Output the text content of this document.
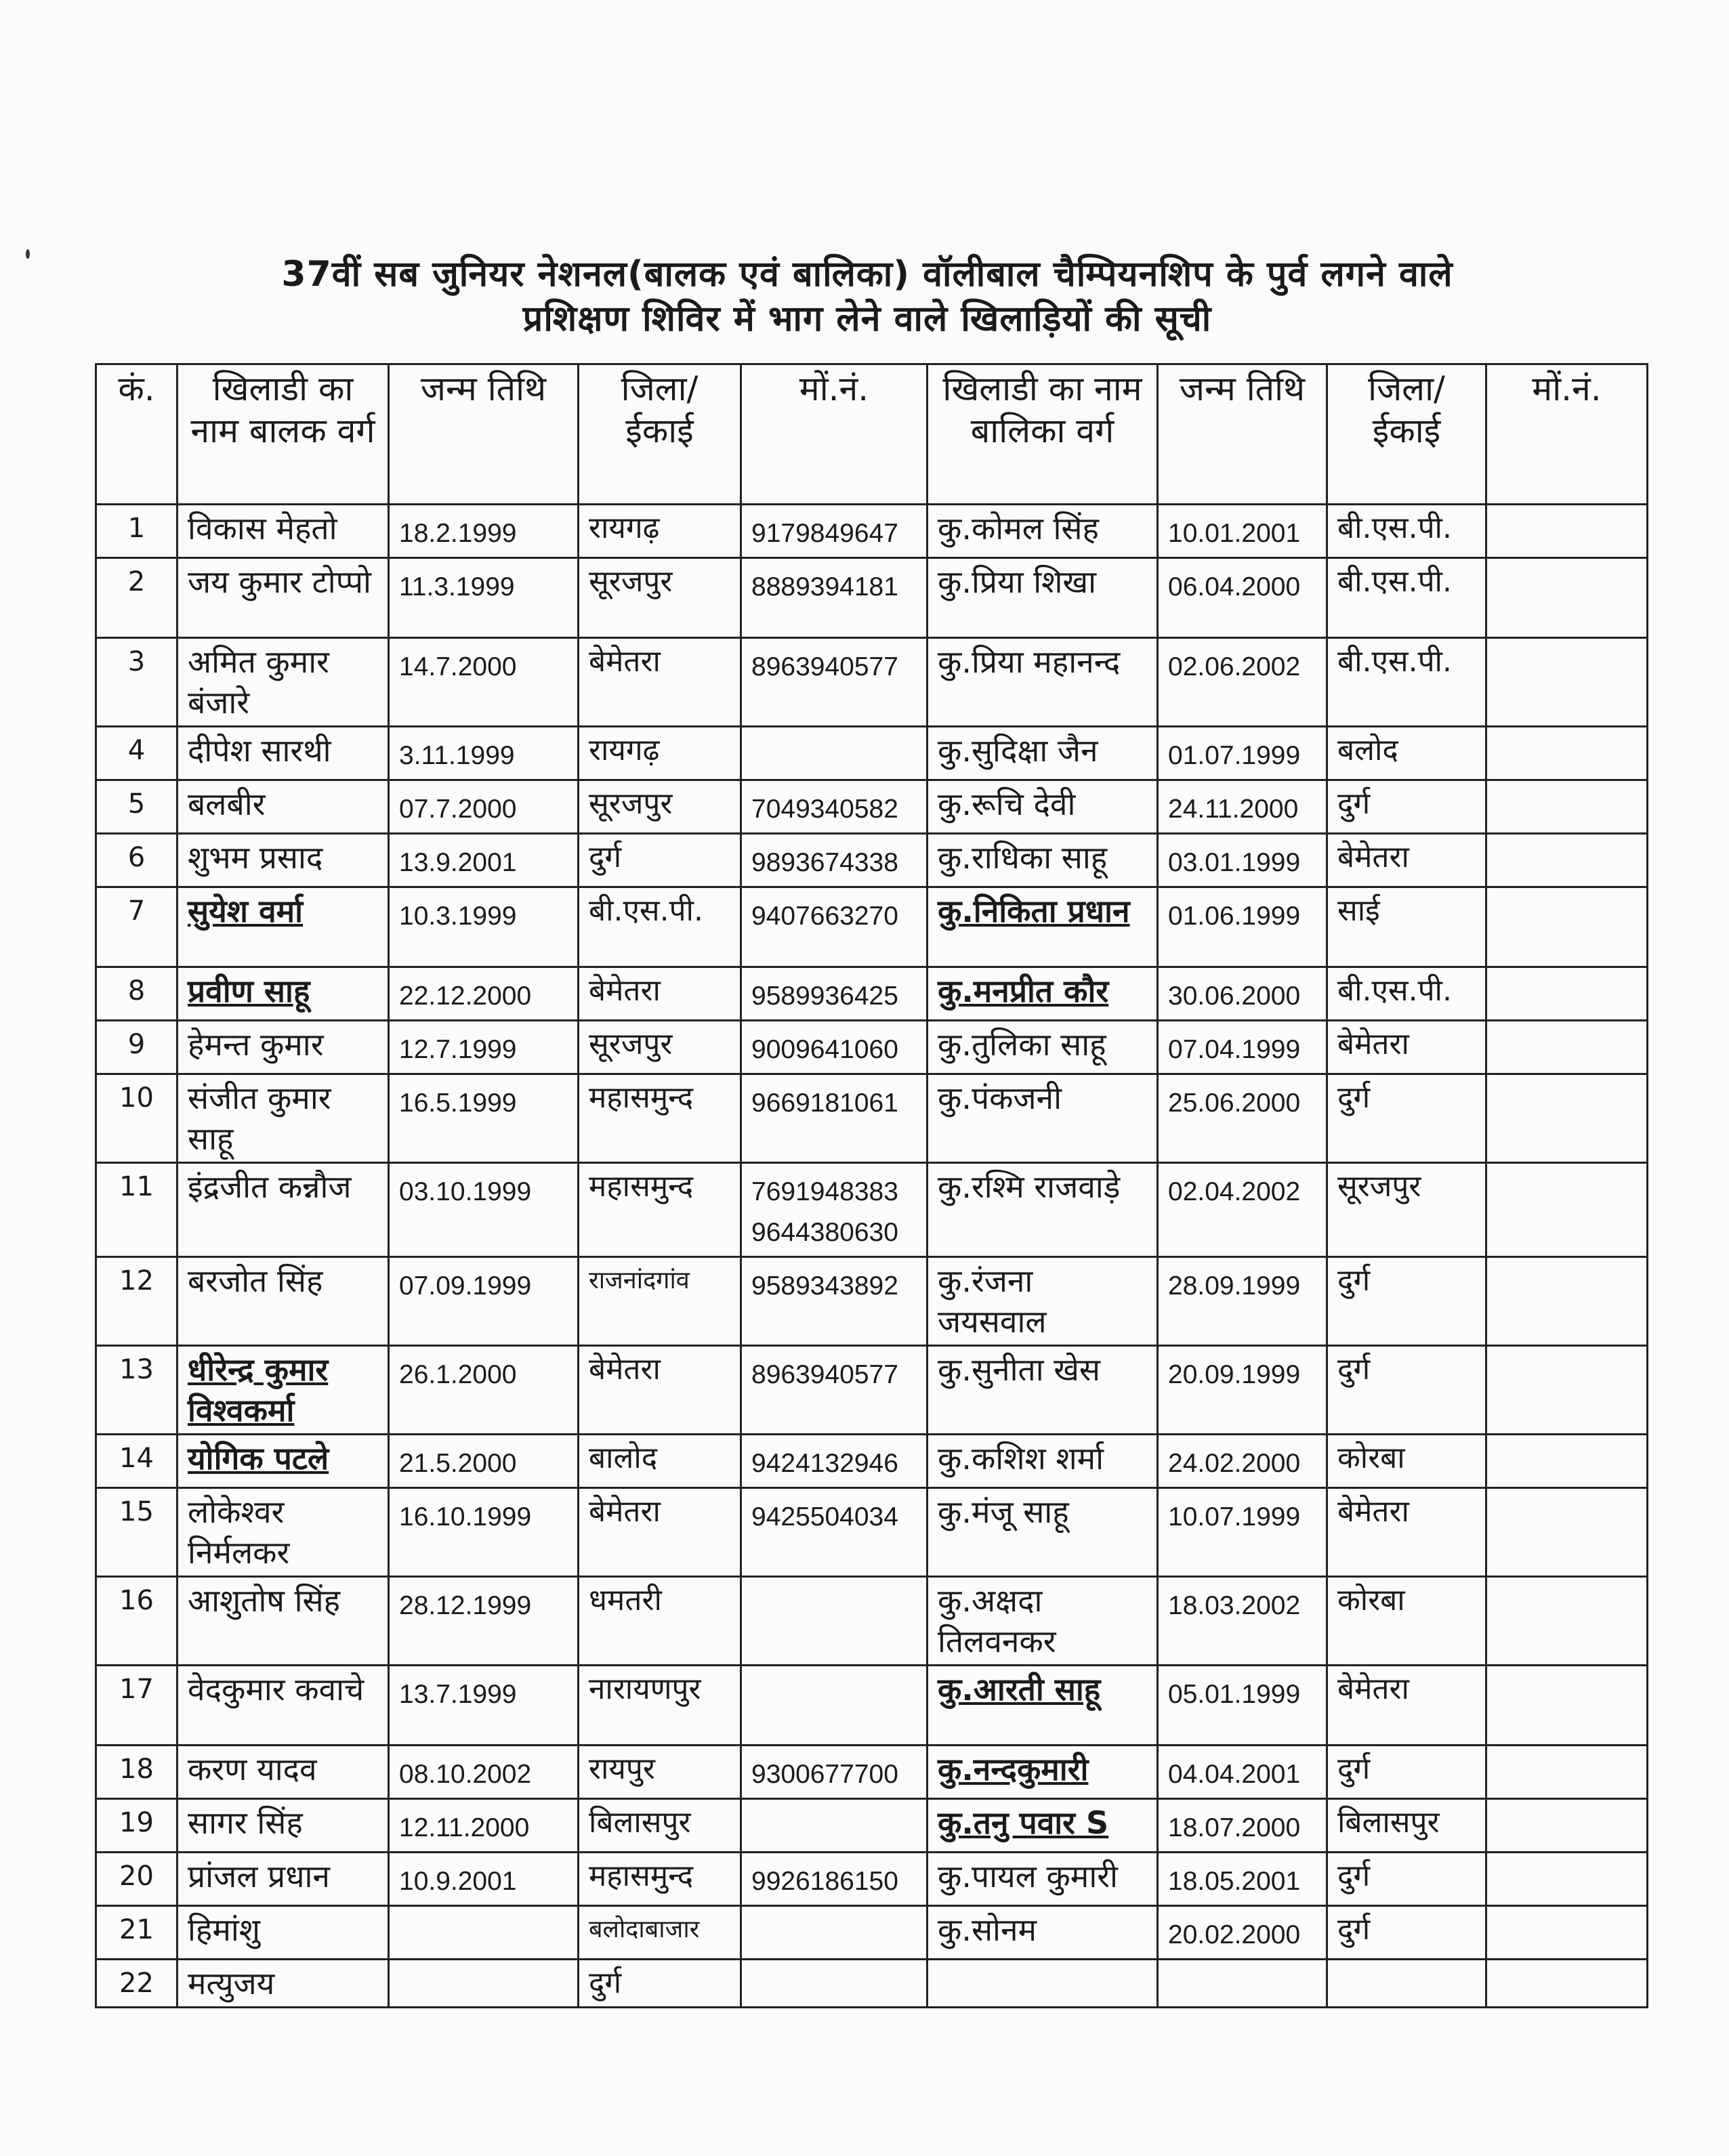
37वीं सब जुनियर नेशनल(बालक एवं बालिका) वॉलीबाल चैम्पियनशिप के पुर्व लगने वाले
प्रशिक्षण शिविर में भाग लेने वाले खिलाड़ियों की सूची
कं.	खिलाडी का नाम बालक वर्ग	जन्म तिथि	जिला/ ईकाई	मों.नं.	खिलाडी का नाम बालिका वर्ग	जन्म तिथि	जिला/ ईकाई	मों.नं.
1	विकास मेहतो	18.2.1999	रायगढ़	9179849647	कु.कोमल सिंह	10.01.2001	बी.एस.पी.	
2	जय कुमार टोप्पो	11.3.1999	सूरजपुर	8889394181	कु.प्रिया शिखा	06.04.2000	बी.एस.पी.	
3	अमित कुमार बंजारे	14.7.2000	बेमेतरा	8963940577	कु.प्रिया महानन्द	02.06.2002	बी.एस.पी.	
4	दीपेश सारथी	3.11.1999	रायगढ़		कु.सुदिक्षा जैन	01.07.1999	बलोद	
5	बलबीर	07.7.2000	सूरजपुर	7049340582	कु.रूचि देवी	24.11.2000	दुर्ग	
6	शुभम प्रसाद	13.9.2001	दुर्ग	9893674338	कु.राधिका साहू	03.01.1999	बेमेतरा	
7	सुयेश वर्मा	10.3.1999	बी.एस.पी.	9407663270	कु.निकिता प्रधान	01.06.1999	साई	
8	प्रवीण साहू	22.12.2000	बेमेतरा	9589936425	कु.मनप्रीत कौर	30.06.2000	बी.एस.पी.	
9	हेमन्त कुमार	12.7.1999	सूरजपुर	9009641060	कु.तुलिका साहू	07.04.1999	बेमेतरा	
10	संजीत कुमार साहू	16.5.1999	महासमुन्द	9669181061	कु.पंकजनी	25.06.2000	दुर्ग	
11	इंद्रजीत कन्नौज	03.10.1999	महासमुन्द	7691948383 9644380630	कु.रश्मि राजवाड़े	02.04.2002	सूरजपुर	
12	बरजोत सिंह	07.09.1999	राजनांदगांव	9589343892	कु.रंजना जयसवाल	28.09.1999	दुर्ग	
13	धीरेन्द्र कुमार विश्वकर्मा	26.1.2000	बेमेतरा	8963940577	कु.सुनीता खेस	20.09.1999	दुर्ग	
14	योगिक पटले	21.5.2000	बालोद	9424132946	कु.कशिश शर्मा	24.02.2000	कोरबा	
15	लोकेश्वर निर्मलकर	16.10.1999	बेमेतरा	9425504034	कु.मंजू साहू	10.07.1999	बेमेतरा	
16	आशुतोष सिंह	28.12.1999	धमतरी		कु.अक्षदा तिलवनकर	18.03.2002	कोरबा	
17	वेदकुमार कवाचे	13.7.1999	नारायणपुर		कु.आरती साहू	05.01.1999	बेमेतरा	
18	करण यादव	08.10.2002	रायपुर	9300677700	कु.नन्दकुमारी	04.04.2001	दुर्ग	
19	सागर सिंह	12.11.2000	बिलासपुर		कु.तनु पवार S	18.07.2000	बिलासपुर	
20	प्रांजल प्रधान	10.9.2001	महासमुन्द	9926186150	कु.पायल कुमारी	18.05.2001	दुर्ग	
21	हिमांशु		बलोदाबाजार		कु.सोनम	20.02.2000	दुर्ग	
22	मत्युजय		दुर्ग					
